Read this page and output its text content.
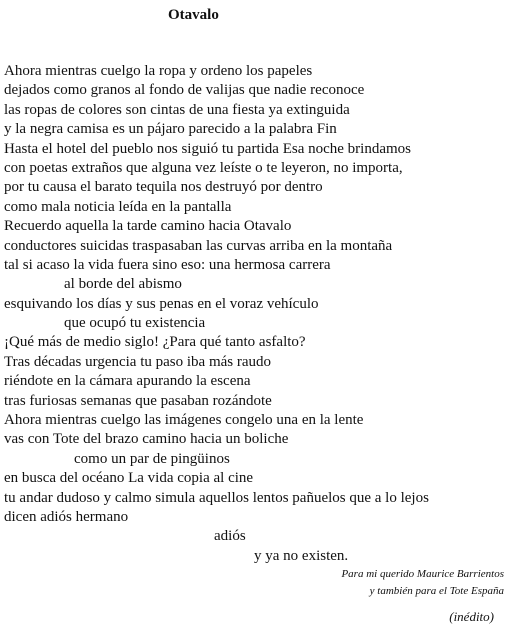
Otavalo
Ahora mientras cuelgo la ropa y ordeno los papeles
dejados como granos al fondo de valijas que nadie reconoce
las ropas de colores son cintas de una fiesta ya extinguida
y la negra camisa es un pájaro parecido a la palabra Fin
Hasta el hotel del pueblo nos siguió tu partida Esa noche brindamos
con poetas extraños que alguna vez leíste o te leyeron, no importa,
por tu causa el barato tequila nos destruyó por dentro
como mala noticia leída en la pantalla
Recuerdo aquella la tarde camino hacia Otavalo
conductores suicidas traspasaban las curvas arriba en la montaña
tal si acaso la vida fuera sino eso: una hermosa carrera
al borde del abismo
esquivando los días y sus penas en el voraz vehículo
que ocupó tu existencia
¡Qué más de medio siglo! ¿Para qué tanto asfalto?
Tras décadas urgencia tu paso iba más raudo
riéndote en la cámara apurando la escena
tras furiosas semanas que pasaban rozándote
Ahora mientras cuelgo las imágenes congelo una en la lente
vas con Tote del brazo camino hacia un boliche
como un par de pingüinos
en busca del océano La vida copia al cine
tu andar dudoso y calmo simula aquellos lentos pañuelos que a lo lejos
dicen adiós hermano
adiós
y ya no existen.
Para mi querido Maurice Barrientos
y también para el Tote España
(inédito)
